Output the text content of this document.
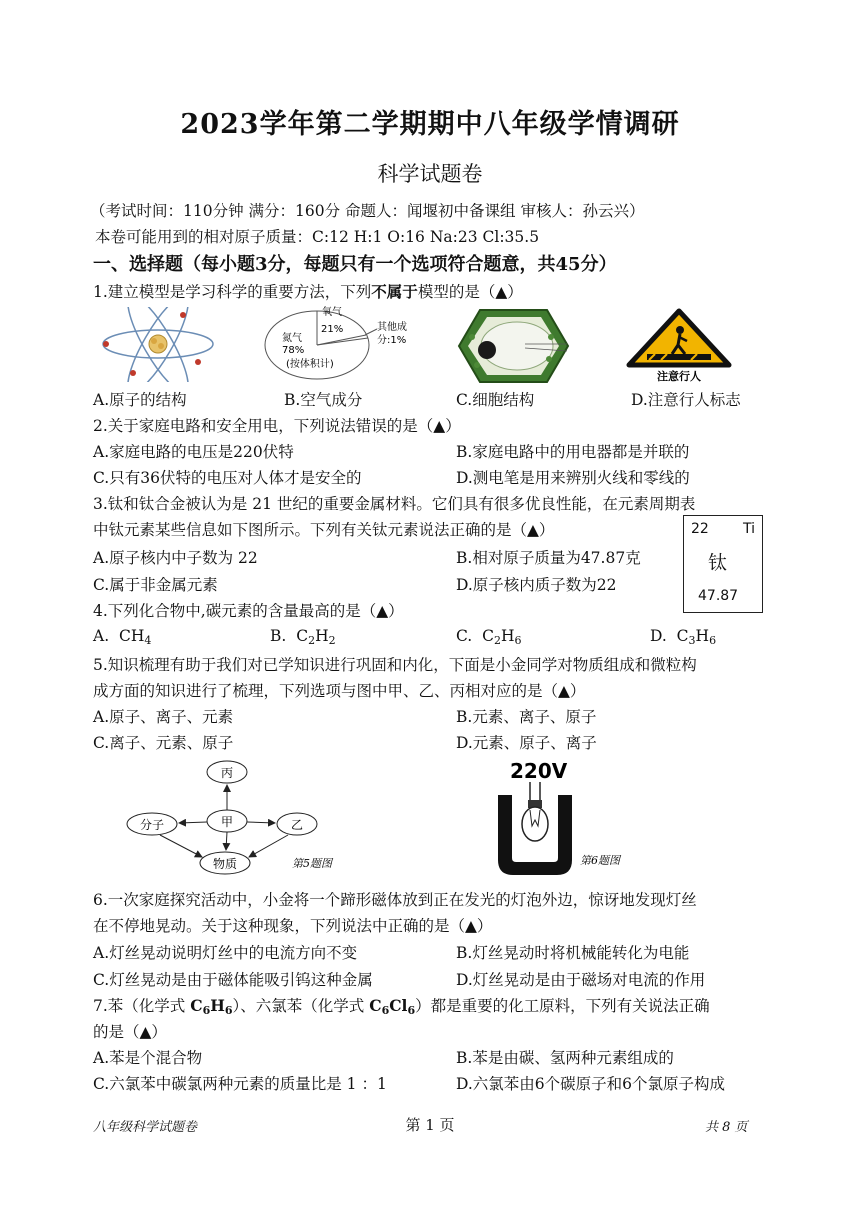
2023学年第二学期期中八年级学情调研
科学试题卷
（考试时间：110分钟 满分：160分 命题人：闻堰初中备课组 审核人：孙云兴）
本卷可能用到的相对原子质量：C:12 H:1 O:16 Na:23 Cl:35.5
一、选择题（每小题3分，每题只有一个选项符合题意，共45分）
1.建立模型是学习科学的重要方法，下列不属于模型的是（▲）
氧气
21%
氮气
78%
(按体积计)
其他成
分:1%
注意行人
A.原子的结构	B.空气成分	C.细胞结构	D.注意行人标志
2.关于家庭电路和安全用电，下列说法错误的是（▲）
A.家庭电路的电压是220伏特	B.家庭电路中的用电器都是并联的
C.只有36伏特的电压对人体才是安全的	D.测电笔是用来辨别火线和零线的
3.钛和钛合金被认为是 21 世纪的重要金属材料。它们具有很多优良性能，在元素周期表
中钛元素某些信息如下图所示。下列有关钛元素说法正确的是（▲）
A.原子核内中子数为 22	B.相对原子质量为47.87克
C.属于非金属元素	D.原子核内质子数为22
22 Ti
钛
47.87
4.下列化合物中,碳元素的含量最高的是（▲）
A. $CH_4$	B. $C_2H_2$	C. $C_2H_6$	D. $C_3H_6$
5.知识梳理有助于我们对已学知识进行巩固和内化，下面是小金同学对物质组成和微粒构
成方面的知识进行了梳理，下列选项与图中甲、乙、丙相对应的是（▲）
A.原子、离子、元素	B.元素、离子、原子
C.离子、元素、原子	D.元素、原子、离子
丙
甲
分子	乙
物质	第5题图
220V
第6题图
6.一次家庭探究活动中，小金将一个蹄形磁体放到正在发光的灯泡外边，惊讶地发现灯丝
在不停地晃动。关于这种现象，下列说法中正确的是（▲）
A.灯丝晃动说明灯丝中的电流方向不变	B.灯丝晃动时将机械能转化为电能
C.灯丝晃动是由于磁体能吸引钨这种金属	D.灯丝晃动是由于磁场对电流的作用
7.苯（化学式 $C_6H_6$）、六氯苯（化学式 $C_6Cl_6$）都是重要的化工原料，下列有关说法正确
的是（▲）
A.苯是个混合物	B.苯是由碳、氢两种元素组成的
C.六氯苯中碳氯两种元素的质量比是 1 ：1	D.六氯苯由6个碳原子和6个氯原子构成
八年级科学试题卷	第 1 页	共 8 页
